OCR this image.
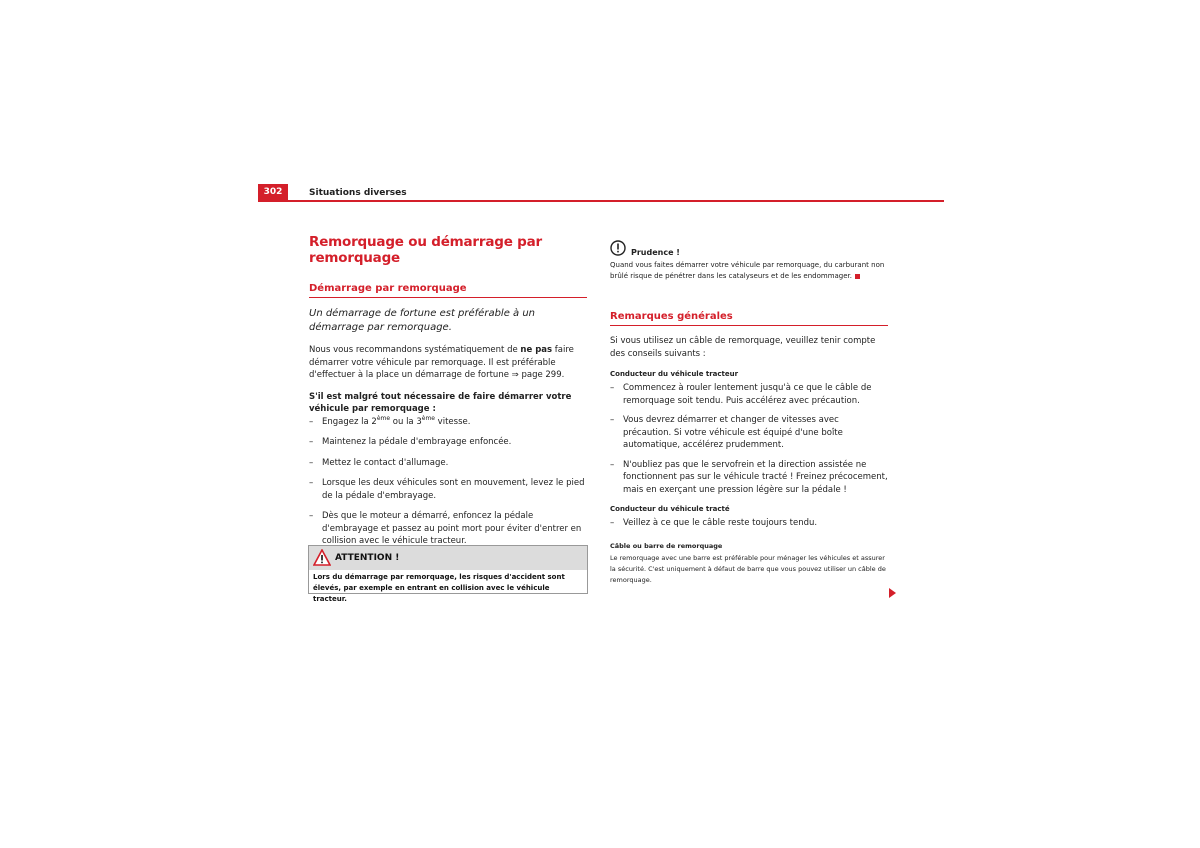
302	Situations diverses
Remorquage ou démarrage par remorquage
Démarrage par remorquage

Un démarrage de fortune est préférable à un démarrage par remorquage.

Nous vous recommandons systématiquement de ne pas faire démarrer votre véhicule par remorquage. Il est préférable d'effectuer à la place un démarrage de fortune ⇒ page 299.

S'il est malgré tout nécessaire de faire démarrer votre véhicule par remorquage :

– Engagez la 2ème ou la 3ème vitesse.
– Maintenez la pédale d'embrayage enfoncée.
– Mettez le contact d'allumage.
– Lorsque les deux véhicules sont en mouvement, levez le pied de la pédale d'embrayage.
– Dès que le moteur a démarré, enfoncez la pédale d'embrayage et passez au point mort pour éviter d'entrer en collision avec le véhicule tracteur.
ATTENTION !
Lors du démarrage par remorquage, les risques d'accident sont élevés, par exemple en entrant en collision avec le véhicule tracteur.
Prudence !

Quand vous faites démarrer votre véhicule par remorquage, du carburant non brûlé risque de pénétrer dans les catalyseurs et de les endommager.

Remarques générales

Si vous utilisez un câble de remorquage, veuillez tenir compte des conseils suivants :

Conducteur du véhicule tracteur

– Commencez à rouler lentement jusqu'à ce que le câble de remorquage soit tendu. Puis accélérez avec précaution.
– Vous devrez démarrer et changer de vitesses avec précaution. Si votre véhicule est équipé d'une boîte automatique, accélérez prudemment.
– N'oubliez pas que le servofrein et la direction assistée ne fonctionnent pas sur le véhicule tracté ! Freinez précocement, mais en exerçant une pression légère sur la pédale !

Conducteur du véhicule tracté

– Veillez à ce que le câble reste toujours tendu.

Câble ou barre de remorquage

Le remorquage avec une barre est préférable pour ménager les véhicules et assurer la sécurité. C'est uniquement à défaut de barre que vous pouvez utiliser un câble de remorquage.
